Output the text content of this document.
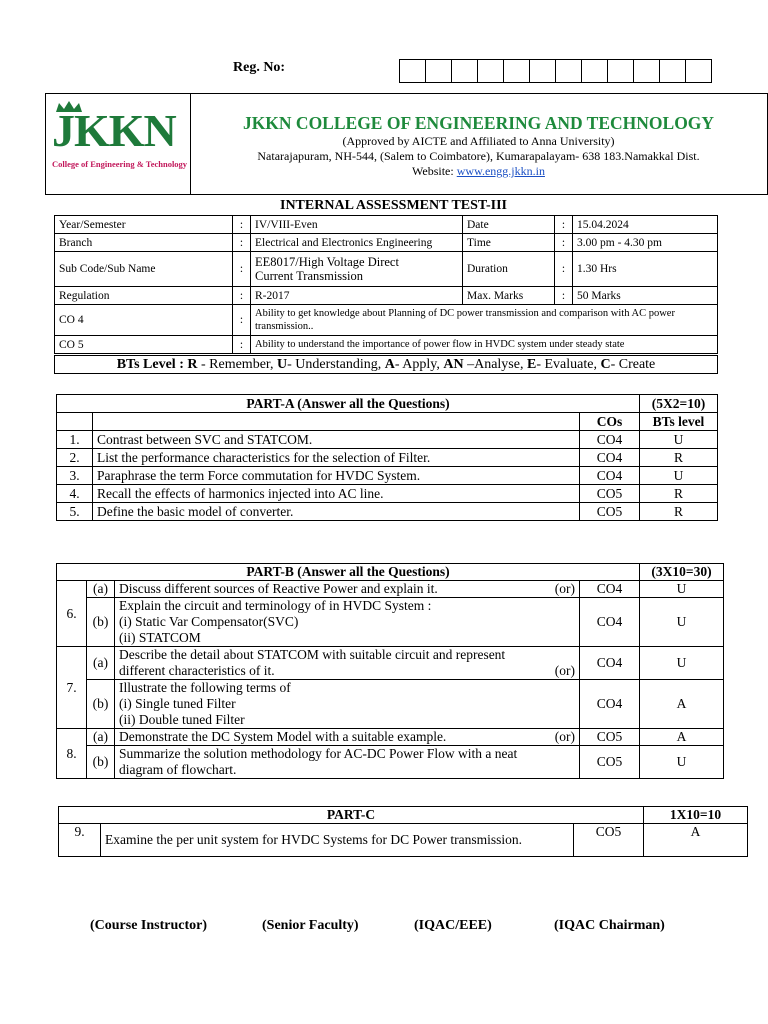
Reg. No:
JKKN
College of Engineering & Technology
JKKN COLLEGE OF ENGINEERING AND TECHNOLOGY
(Approved by AICTE and Affiliated to Anna University)
Natarajapuram, NH-544, (Salem to Coimbatore), Kumarapalayam- 638 183.Namakkal Dist.
Website: www.engg.jkkn.in
INTERNAL ASSESSMENT TEST-III
Year/Semester	:	IV/VIII-Even	Date	:	15.04.2024
Branch	:	Electrical and Electronics Engineering	Time	:	3.00 pm - 4.30 pm
Sub Code/Sub Name	:	EE8017/High Voltage Direct
Current Transmission	Duration	:	1.30 Hrs
Regulation	:	R-2017	Max. Marks	:	50 Marks
CO 4	:	Ability to get knowledge about Planning of DC power transmission and comparison with AC power transmission..			
CO 5	:	Ability to understand the importance of power flow in HVDC system under steady state			
BTs Level : R - Remember, U- Understanding, A- Apply, AN –Analyse, E- Evaluate, C- Create
PART-A (Answer all the Questions)			(5X2=10)
		COs	BTs level
1.	Contrast between SVC and STATCOM.	CO4	U
2.	List the performance characteristics for the selection of Filter.	CO4	R
3.	Paraphrase the term Force commutation for HVDC System.	CO4	U
4.	Recall the effects of harmonics injected into AC line.	CO5	R
5.	Define the basic model of converter.	CO5	R
PART-B (Answer all the Questions)				(3X10=30)
6.	(a)	Discuss different sources of Reactive Power and explain it. (or)	CO4	U
	(b)	Explain the circuit and terminology of in HVDC System :
(i) Static Var Compensator(SVC)
(ii) STATCOM	CO4	U
7.	(a)	Describe the detail about STATCOM with suitable circuit and represent
different characteristics of it. (or)	CO4	U
	(b)	Illustrate the following terms of
(i) Single tuned Filter
(ii) Double tuned Filter	CO4	A
8.	(a)	Demonstrate the DC System Model with a suitable example. (or)	CO5	A
	(b)	Summarize the solution methodology for AC-DC Power Flow with a neat
diagram of flowchart.	CO5	U
PART-C			1X10=10
9.	Examine the per unit system for HVDC Systems for DC Power transmission.	CO5	A
(Course Instructor)	(Senior Faculty)	(IQAC/EEE)	(IQAC Chairman)
